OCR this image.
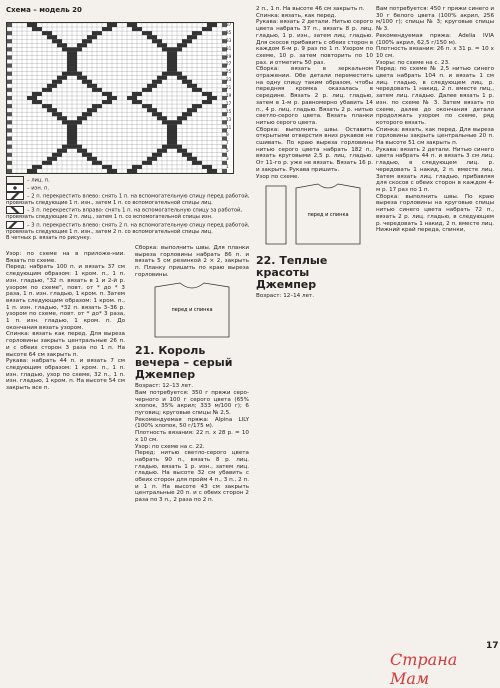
Схема – модель 20
37
35
33
31
29
27
25
23
21
19
17
15
13
11
9
7
5
3
1
– лиц. п.
– изн. п.
– 2 п. перекрестить влево: снять 1 п. на вспомогательную спицу перед работой, провязать следующие 1 п. изн., затем 1 п. со вспомогательной спицы лиц.
– 3 п. перекрестить вправо: снять 1 п. на вспомогательную спицу за работой, провязать следующие 2 п. лиц., затем 1 п. со вспомогательной спицы изн.
– 3 п. перекрестить влево: снять 2 п. на вспомогательную спицу перед работой, провязать следующие 1 п. изн., затем 2 п. со вспомогательной спицы лиц.
В четных р. вязать по рисунку.

Узор: по схеме на в приложе-нии. Вязать по схеме.

Перед: набрать 100 п. и вязать 37 см следующим образом: 1 кром. п., 1 п. изн. гладью, "32 п. вязать в 1 и 2-й р. узором по схеме", повт. от * до * 3 раза, 1 п. изн. гладью, 1 кром. п. Затем вязать следующим образом: 1 кром. п., 1 п. изн. гладью, *32 п. вязать 3–36 р. узором по схеме, повт. от * до* 3 раза, 1 п. изн. гладью, 1 кром. п. До окончания вязать узором.

Спинка: вязать как перед. Для выреза горловины закрыть центральные 26 п. и с обеих сторон 3 раза по 1 п. На высоте 64 см закрыть п.

Рукава: набрать 44 п. и вязать 7 см следующим образом: 1 кром. п., 1 п. изн. гладью, узор по схеме, 32 п., 1 п. изн. гладью, 1 кром. п. На высоте 54 см закрыть все п.

Сборка: выполнить швы. Для планки выреза горловины набрать 86 п. и вязать 5 см резинкой 2 × 2, закрыть п. Планку пришить по краю выреза горловины.

перед и спинка
21. Король вечера – серый Джемпер

Возраст: 12–13 лет.

Вам потребуется: 350 г пряжи серо-черного и 100 г серого цвета (65% хлопок, 35% акрил; 333 м/100 г); 6 пуговиц; круговые спицы № 2,5.

Рекомендуемая пряжа: Alpina LILY (100% хлопок, 50 г/175 м).

Плотность вязания: 22 п. x 28 р. = 10 х 10 см.

Узор: по схеме на с. 22.

Перед: нитью светло-серого цвета набрать 90 п., вязать 8 р. лиц. гладью, вязать 1 р. изн., затем лиц. гладью. На высоте 32 см убавить с обеих сторон для пройм 4 п., 3 п., 2 п. и 1 п. На высоте 43 см закрыть центральные 20 п. и с обеих сторон 2 раза по 3 п., 2 раза по 2 п.

2 п., 1 п. На высоте 46 см закрыть п.

Спинка: вязать, как перед.

Рукава: вязать 2 детали. Нитью серого цвета набрать 37 п., вязать 8 р. лиц. гладью, 1 р. изн., затем лиц. гладью. Для скосов прибавить с обеих сторон в каждом 6-м р. 9 раз по 1 п. Узором по схеме, 10 р. затем повторить по 10 раз. и отметить 50 раз.

Сборка: вязать в зеркальном отражении. Обе детали переместить на одну спицу таким образом, чтобы передняя кромка оказалась в середине. Вязать 2 р. лиц. гладью, затем в 1-м р. равномерно убавить 14 п., 4 р. лиц. гладью. Вязать 2 р. нитью светло-серого цвета. Вязать планки нитью серого цвета.

Сборка: выполнить швы. Оставить открытыми отверстия вниз рукавов не сшивать. По краю выреза горловины нитью серого цвета набрать 182 п., вязать круговыми 2,5 р. лиц. гладью. От 11-го р. уже не вязать. Вязать 16 р. и закрыть. Рукава пришить.

Узор по схеме.

перед и спинка
22. Теплые красоты Джемпер

Возраст: 12–14 лет.

Вам потребуется: 450 г пряжи синего и 30 г белого цвета (100% акрил, 256 м/100 г); спицы № 3; круговые спицы № 3.

Рекомендуемая пряжа: Adelia IVIA (100% акрил, 62,5 г/150 м).

Плотность вязания: 26 п. x 31 р. = 10 х 10 см.

Узоры: по схеме на с. 23.

Перед: по схеме № 2,5 нитью синего цвета набрать 104 п. и вязать 1 см лиц. гладью, в следующем лиц. р. чередовать 1 накид, 2 п. вместе лиц., затем лиц. гладью. Далее вязать 1 р. изн. по схеме № 3. Затем вязать по схеме, далее до окончания детали продолжать узором по схеме, ряд которого вязать.

Спинка: вязать, как перед. Для выреза горловины закрыть центральные 20 п. На высоте 51 см закрыть п.

Рукава: вязать 2 детали. Нитью синего цвета набрать 44 п. и вязать 3 см лиц. гладью, в следующем лиц. р. чередовать 1 накид, 2 п. вместе лиц. Затем вязать лиц. гладью, прибавляя для скосов с обеих сторон в каждом 4-м р. 17 раз по 1 п.

Сборка: выполнить швы. По краю выреза горловины на круговые спицы нитью синего цвета набрать 72 п., вязать 2 р. лиц. гладью, в следующем р. чередовать 1 накид, 2 п. вместе лиц. Нижний край переда, спинки,

17
Страна Мам
